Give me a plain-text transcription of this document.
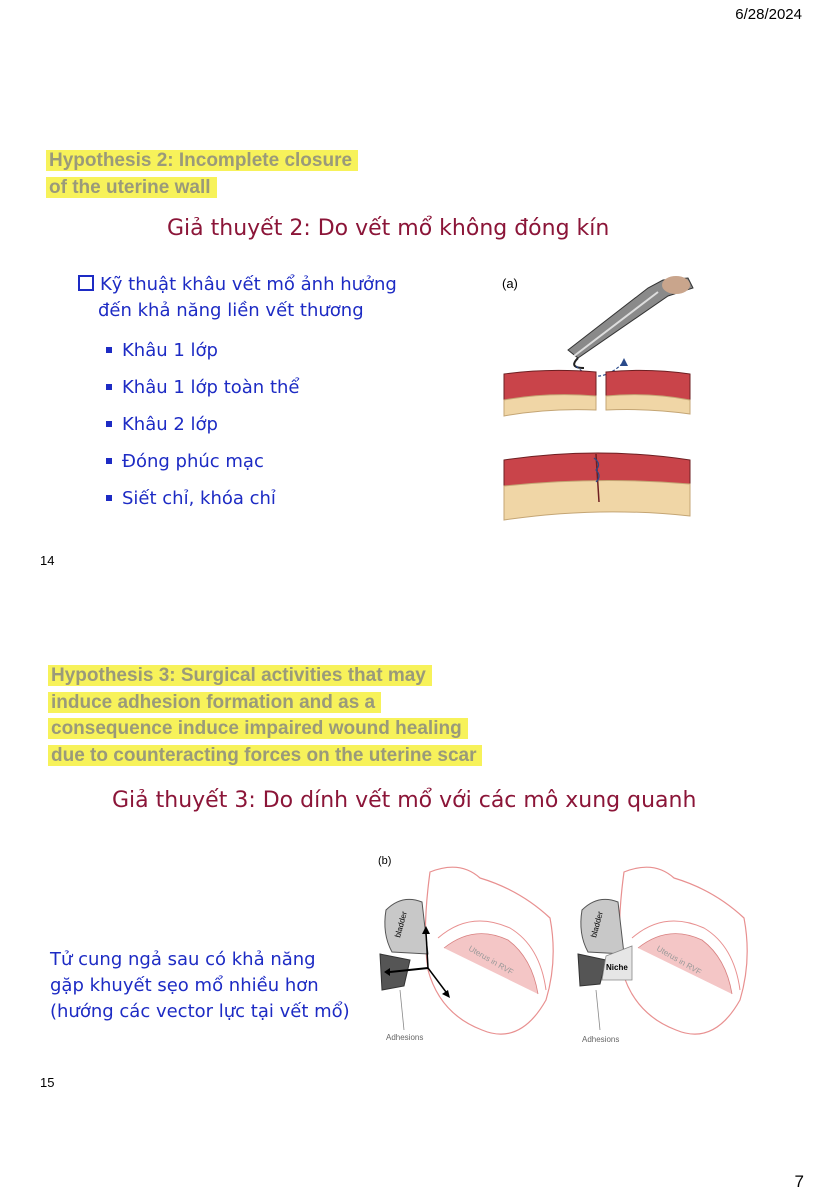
6/28/2024
Hypothesis 2: Incomplete closure
of the uterine wall
Giả thuyết 2: Do vết mổ không đóng kín
Kỹ thuật khâu vết mổ ảnh hưởng
đến khả năng liền vết thương
Khâu 1 lớp
Khâu 1 lớp toàn thể
Khâu 2 lớp
Đóng phúc mạc
Siết chỉ, khóa chỉ
(a)
14
Hypothesis 3: Surgical activities that may
induce adhesion formation and as a
consequence induce impaired wound healing
due to counteracting forces on the uterine scar
Giả thuyết 3: Do dính vết mổ với các mô xung quanh
Tử cung ngả sau có khả năng
gặp khuyết sẹo mổ nhiều hơn
(hướng các vector lực tại vết mổ)
(b)
bladder
Uterus in RVF
Adhesions
bladder
Niche	Uterus in RVF
Adhesions
15
7
